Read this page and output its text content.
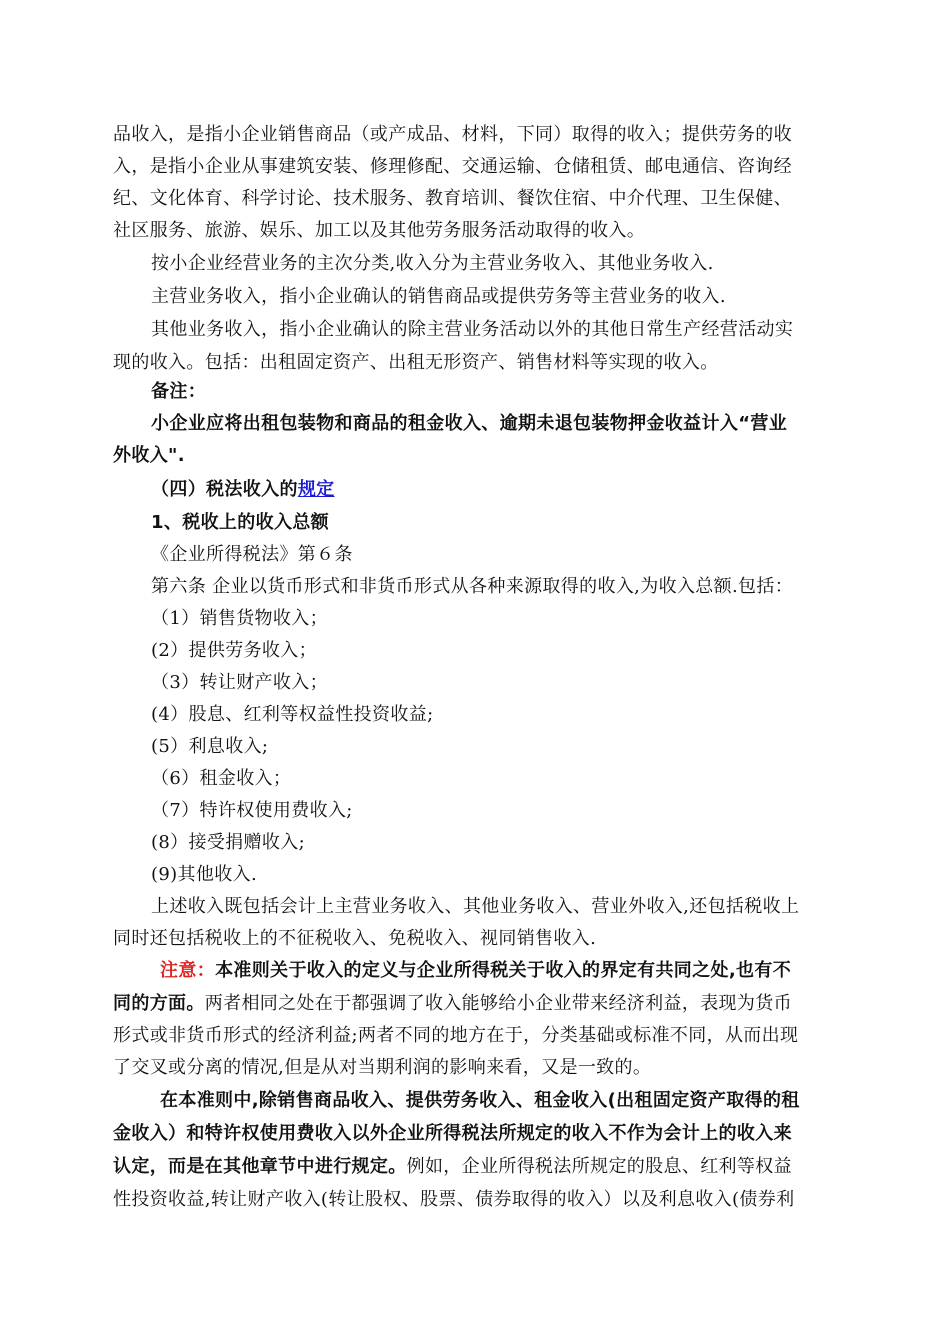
品收入，是指小企业销售商品（或产成品、材料，下同）取得的收入；提供劳务的收
入，是指小企业从事建筑安装、修理修配、交通运输、仓储租赁、邮电通信、咨询经
纪、文化体育、科学讨论、技术服务、教育培训、餐饮住宿、中介代理、卫生保健、
社区服务、旅游、娱乐、加工以及其他劳务服务活动取得的收入。
按小企业经营业务的主次分类,收入分为主营业务收入、其他业务收入.
主营业务收入，指小企业确认的销售商品或提供劳务等主营业务的收入.
其他业务收入，指小企业确认的除主营业务活动以外的其他日常生产经营活动实
现的收入。包括：出租固定资产、出租无形资产、销售材料等实现的收入。
备注：
小企业应将出租包装物和商品的租金收入、逾期未退包装物押金收益计入“营业
外收入".
（四）税法收入的规定
1、税收上的收入总额
《企业所得税法》第６条
第六条 企业以货币形式和非货币形式从各种来源取得的收入,为收入总额.包括：
（1）销售货物收入；
(2）提供劳务收入；
（3）转让财产收入；
(4）股息、红利等权益性投资收益;
(5）利息收入;
（6）租金收入；
（7）特许权使用费收入;
(8）接受捐赠收入;
(9)其他收入.
上述收入既包括会计上主营业务收入、其他业务收入、营业外收入,还包括税收上
同时还包括税收上的不征税收入、免税收入、视同销售收入.
注意：本准则关于收入的定义与企业所得税关于收入的界定有共同之处,也有不
同的方面。两者相同之处在于都强调了收入能够给小企业带来经济利益，表现为货币
形式或非货币形式的经济利益;两者不同的地方在于，分类基础或标准不同，从而出现
了交叉或分离的情况,但是从对当期利润的影响来看，又是一致的。
在本准则中,除销售商品收入、提供劳务收入、租金收入(出租固定资产取得的租
金收入）和特许权使用费收入以外企业所得税法所规定的收入不作为会计上的收入来
认定，而是在其他章节中进行规定。例如，企业所得税法所规定的股息、红利等权益
性投资收益,转让财产收入(转让股权、股票、债券取得的收入）以及利息收入(债券利
